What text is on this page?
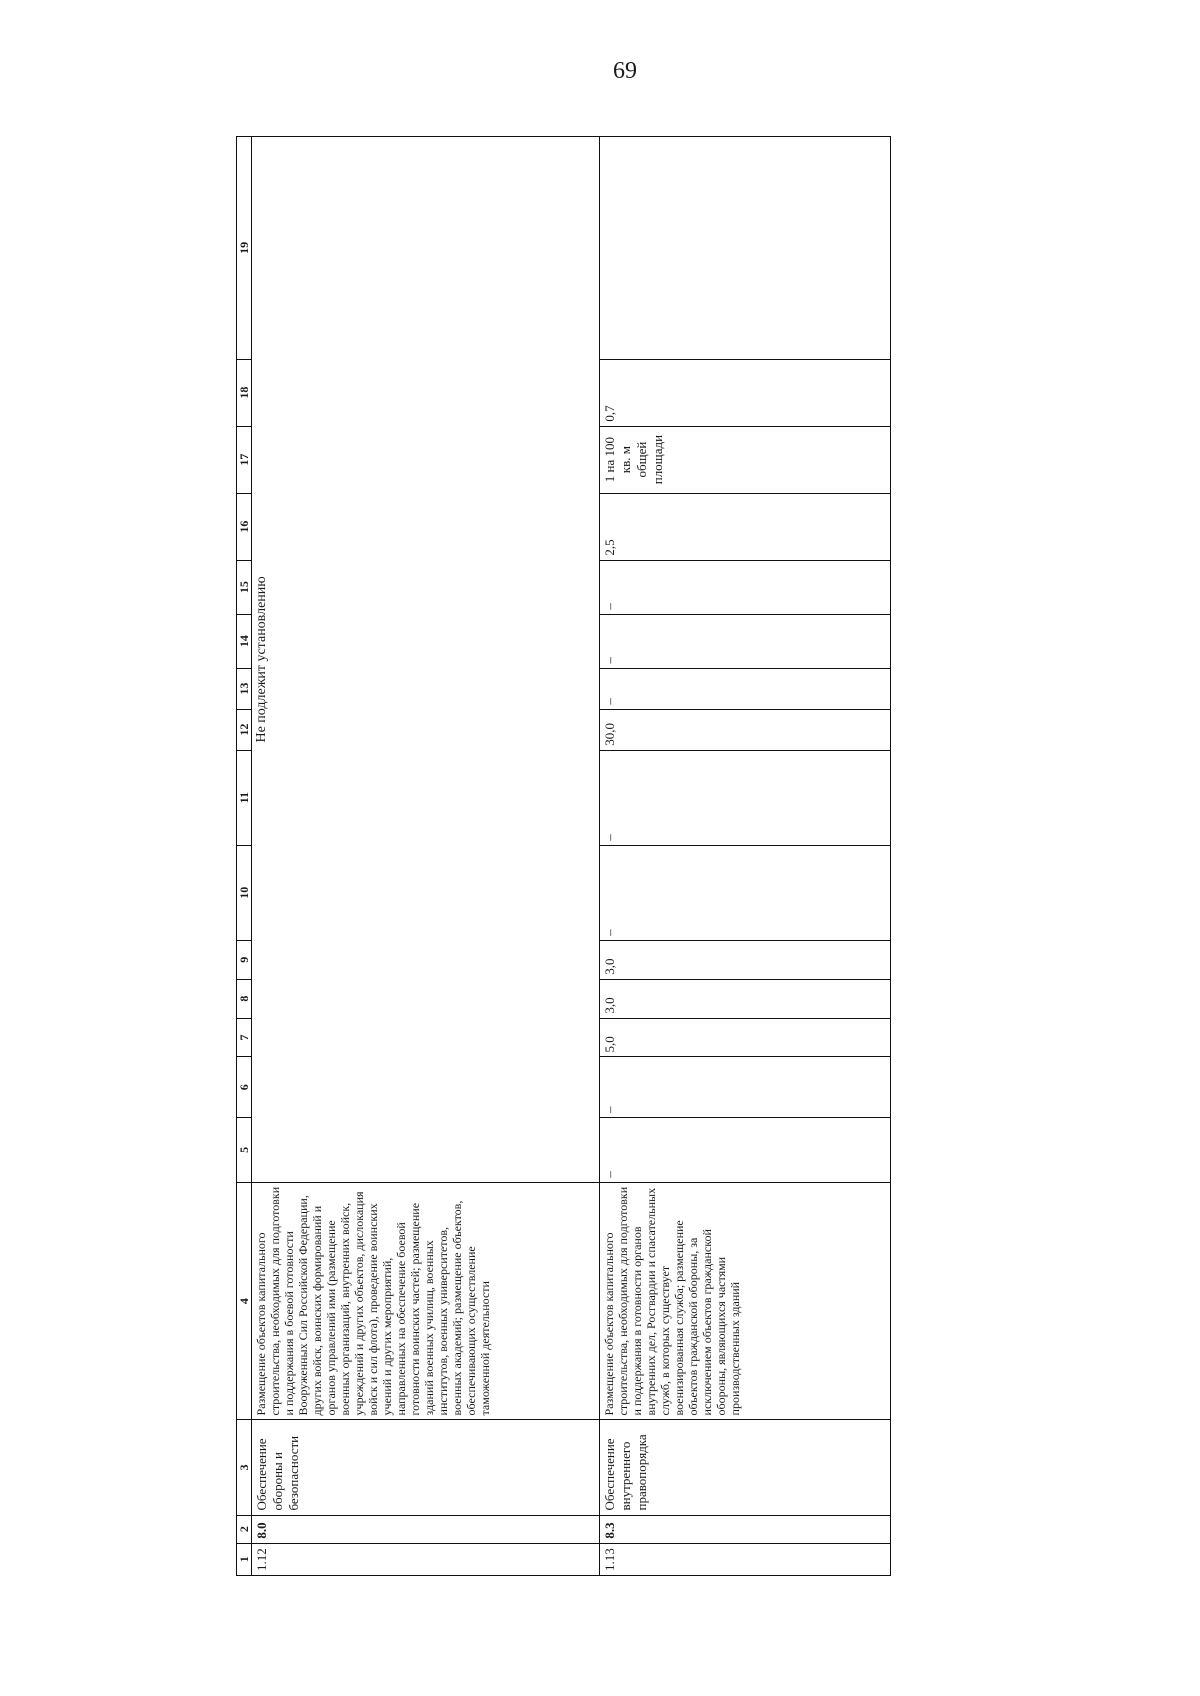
69
1	2	3	4	5	6	7	8	9	10	11	12	13	14	15	16	17	18	19
1.12	8.0	Обеспечение обороны и безопасности	Размещение объектов капитального строительства, необходимых для подготовки и поддержания в боевой готовности Вооруженных Сил Российской Федерации, других войск, воинских формирований и органов управлений ими (размещение военных организаций, внутренних войск, учреждений и других объектов, дислокация войск и сил флота), проведение воинских учений и других мероприятий, направленных на обеспечение боевой готовности воинских частей; размещение зданий военных училищ, военных институтов, военных университетов, военных академий; размещение объектов, обеспечивающих осуществление таможенной деятельности	Не подлежит установлению														
1.13	8.3	Обеспечение внутреннего правопорядка	Размещение объектов капитального строительства, необходимых для подготовки и поддержания в готовности органов внутренних дел, Росгвардии и спасательных служб, в которых существует военизированная служба; размещение объектов гражданской обороны, за исключением объектов гражданской обороны, являющихся частями производственных зданий	–	–	5,0	3,0	3,0	–	–	30,0	–	–	–	2,5	1 на 100 кв. м общей площади	0,7	
